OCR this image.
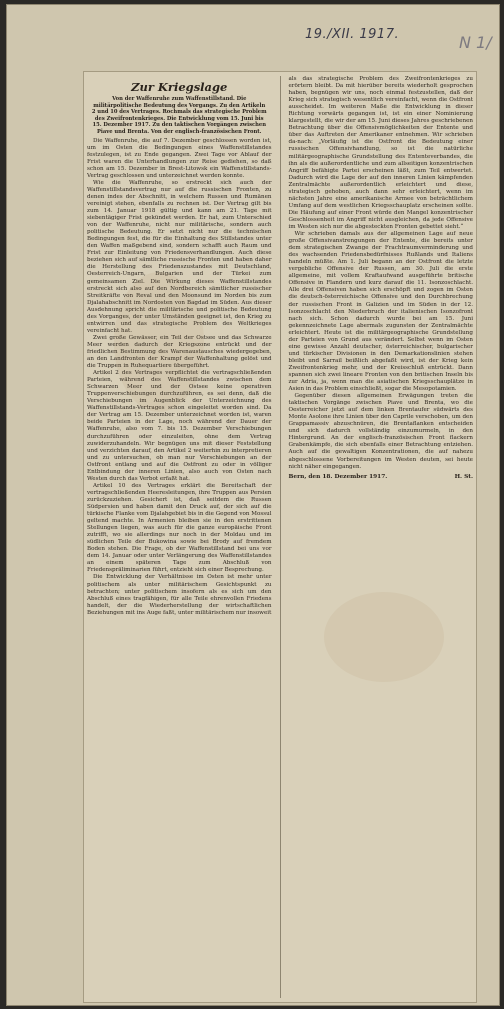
19./XII. 1917.	N 1/
Zur Kriegslage
Von der Waffenruhe zum Waffenstillstand. Die militärpolitische Bedeutung des Vorgangs. Zu den Artikeln 2 und 10 des Vertrages. Rochmals das strategische Problem des Zweifrontenkrieges. Die Entwicklung vom 15. Juni bis 15. Dezember 1917. Zu den taktischen Vorgängen zwischen Piave und Brenta. Von der englisch-französischen Front.

Die Waffenruhe, die auf 7. Dezember geschlossen worden ist, um im Osten die Bedingungen eines Waffenstillstandes festzulegen, ist zu Ende gegangen. Zwei Tage vor Ablauf der Frist waren die Unterhandlungen zur Reise gediehen, so daß schon am 15. Dezember in Brest-Litowsk ein Waffenstillstands-Vertrag geschlossen und unterzeichnet werden konnte.

Wie die Waffenruhe, so erstreckt sich auch der Waffenstillstandsvertrag nur auf die russischen Fronten, zu denen indes der Abschnitt, in welchem Russen und Rumänen vereinigt stehen, ebenfalls zu rechnen ist. Der Vertrag gilt bis zum 14. Januar 1918 gültig und kann am 21. Tage mit siebentägiger Frist gekündet werden. Er hat, zum Unterschied von der Waffenruhe, nicht nur militärische, sondern auch politische Bedeutung. Er setzt nicht nur die technischen Bedingungen fest, die für die Einhaltung des Stillstandes unter den Waffen maßgebend sind, sondern schafft auch Raum und Frist zur Einleitung von Friedensverhandlungen. Auch diese beziehen sich auf sämtliche russische Fronten und haben daher die Herstellung des Friedenszustandes mit Deutschland, Oesterreich-Ungarn, Bulgarien und der Türkei zum gemeinsamen Ziel. Die Wirkung dieses Waffenstillstandes erstreckt sich also auf den Nordbereich sämtlicher russischer Streitkräfte von Reval und den Moonsund im Norden bis zum Djalahabschnitt im Nordosten von Bagdad im Süden. Aus dieser Ausdehnung spricht die militärische und politische Bedeutung des Vorganges, der unter Umständen geeignet ist, den Krieg zu entwirren und das strategische Problem des Weltkrieges vereinfacht hat.

Zwei große Gewässer, ein Teil der Ostsee und das Schwarze Meer werden dadurch der Kriegszone entrückt und der friedlichen Bestimmung des Warenaustausches wiedergegeben, an den Landfronten der Krampf der Waffenhaltung gelöst und die Truppen in Ruhequartiere übergeführt.

Artikel 2 des Vertrages verpflichtet die vertragschließenden Parteien, während des Waffenstillstandes zwischen dem Schwarzen Meer und der Ostsee keine operativen Truppenverschiebungen durchzuführen, es sei denn, daß die Verschiebungen im Augenblick der Unterzeichnung des Waffenstillstands-Vertrages schon eingeleitet worden sind. Da der Vertrag am 15. Dezember unterzeichnet worden ist, waren beide Parteien in der Lage, noch während der Dauer der Waffenruhe, also vom 7. bis 15. Dezember Verschiebungen durchzuführen oder einzuleiten, ohne dem Vertrag zuwiderzuhandeln. Wir begnügen uns mit dieser Feststellung und verzichten darauf, den Artikel 2 weiterhin zu interpretieren und zu untersuchen, ob man nur Verschiebungen an der Ostfront entlang und auf die Ostfront zu oder in völliger Entbindung der inneren Linien, also auch von Osten nach Westen durch das Verbot erfaßt hat.

Artikel 10 des Vertrages erklärt die Bereitschaft der vertragschließenden Heeresleitungen, ihre Truppen aus Persien zurückzuziehen. Gesichert ist, daß seitdem die Russen Südpersien und haben damit den Druck auf, der sich auf die türkische Flanke vom Djalahgebiet bis in die Gegend von Mossul geltend machte. In Armenien bleiben sie in den erstrittenen Stellungen liegen, was auch für die ganze europäische Front zutrifft, wo sie allerdings nur noch in der Moldau und im südlichen Teile der Bukowina sowie bei Brody auf fremdem Boden stehen. Die Frage, ob der Waffenstillstand bei uns vor dem 14. Januar oder unter Verlängerung des Waffenstillstandes an einem späteren Tage zum Abschluß von Friedenspräliminarien führt, entzieht sich einer Besprechung.

Die Entwicklung der Verhältnisse im Osten ist mehr unter politischem als unter militärischem Gesichtspunkt zu betrachten; unter politischem insofern als es sich um den Abschluß eines tragfähigen, für alle Teile ehrenvollen Friedens handelt, der die Wiederherstellung der wirtschaftlichen Beziehungen mit ins Auge faßt, unter militärischem nur insoweit

als das strategische Problem des Zweifrontenkrieges zu erörtern bleibt. Da mit hierüber bereits wiederholt gesprochen haben, begnügen wir uns, noch einmal festzustellen, daß der Krieg sich strategisch wesentlich vereinfacht, wenn die Ostfront ausscheidet. Im weiteren Maße die Entwicklung in dieser Richtung vorwärts gegangen ist, ist ein einer Nominierung klargestellt, die wir der am 15. Juni dieses Jahres geschriebenen Betrachtung über die Offensivmöglichkeiten der Entente und über das Auftreten der Amerikaner entnehmen. Wir schrieben da-nach: „Vorläufig ist die Ostfront die Bedeutung einer russischen Offensivhandlung, so ist die natürliche militärgeographische Grundstellung des Ententeverbandes, die ihn als die außerordentliche und zum allseitigen konzentrischen Angriff befähigte Partei erscheinen läßt, zum Teil entwertet. Dadurch wird die Lage der auf den inneren Linien kämpfenden Zentralmächte außerordentlich erleichtert und diese, strategisch gehoben, auch dann sehr erleichtert, wenn im nächsten Jahre eine amerikanische Armee von beträchtlichem Umfang auf dem westlichen Kriegsschauplatz erscheinen sollte. Die Häufung auf einer Front würde den Mangel konzentrischer Geschlossenheit im Angriff nicht ausgleichen, da jede Offensive im Westen sich nur die abgesteckten Fronten gebettet sieht.“

Wir schrieben damals aus der allgemeinen Lage auf neue große Offensivanstrengungen der Entente, die bereits unter dem strategischen Zwange der Frachtraumverminderung und des wachsenden Friedensbedürfnisses Rußlands und Italiens handeln müßte. Am 1. Juli begann an der Ostfront die letzte vergebliche Offensive der Russen, am 30. Juli die erste allgemeine, mit vollem Kraftaufwand ausgeführte britische Offensive in Flandern und kurz darauf die 11. Isonzoschlacht. Alle drei Offensiven haben sich erschöpft und zogen im Osten die deutsch-österreichische Offensive und den Durchbrechung der russischen Front in Galizien und im Süden in der 12. Isonzoschlacht den Niederbruch der italienischen Isonzofront nach sich. Schon dadurch wurde bei am 15. Juni gekennzeichnete Lage abermals zugunsten der Zentralmächte erleichtert. Heute ist die militärgeographische Grundstellung der Parteien von Grund aus verändert. Selbst wenn im Osten eine gewisse Anzahl deutscher, österreichischer, bulgarischer und türkischer Divisionen in den Demarkationslinien stehen bleibt und Sarrail beißlich abgefaßt wird, ist der Krieg kein Zweifrontenkrieg mehr, und der Kreisschluß entrückt. Dann spannen sich zwei lineare Fronten von den britischen Inseln bis zur Adria, ja, wenn man die asiatischen Kriegsschauplätze in Asien in das Problem einschließt, sogar die Mesopotamien.

Gegenüber diesen allgemeinen Erwägungen treten die taktischen Vorgänge zwischen Piave und Brenta, wo die Oesterreicher jetzt auf dem linken Brentaufer südwärts des Monte Asolone ihre Linien über den Caprile verschoben, um den Grappamassiv abzuschnüren, die Brentaflanken entscheiden und sich dadurch vollständig einzumurmeln, in den Hintergrund. An der englisch-französischen Front flackern Grabenkämpfe, die sich ebenfalls einer Betrachtung entziehen. Auch auf die gewaltigen Konzentrationen, die auf nahezu abgeschlossene Vorbereitungen im Westen deuten, sei heute nicht näher eingegangen.

Bern, den 18. Dezember 1917.	H. St.
